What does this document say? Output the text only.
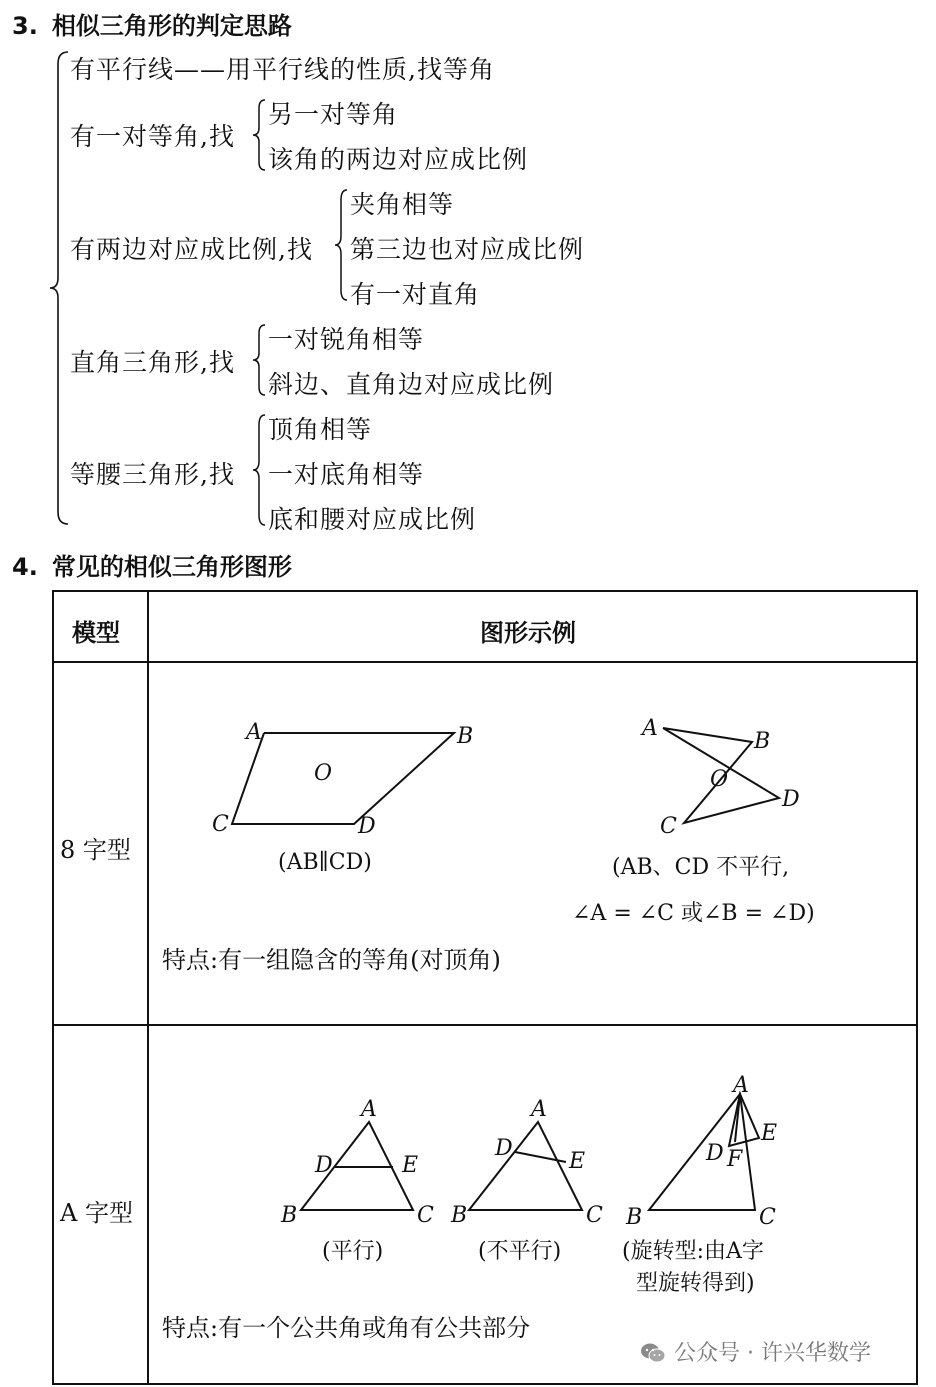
3. 相似三角形的判定思路
有平行线——用平行线的性质,找等角
有一对等角,找
另一对等角
该角的两边对应成比例
有两边对应成比例,找
夹角相等
第三边也对应成比例
有一对直角
直角三角形,找
一对锐角相等
斜边、直角边对应成比例
等腰三角形,找
顶角相等
一对底角相等
底和腰对应成比例
4. 常见的相似三角形图形
模型	图形示例
8 字型
A	B
O
C	D
(AB∥CD)
A
B
O
D
C
(AB、CD 不平行,
∠A = ∠C 或∠B = ∠D)
特点:有一组隐含的等角(对顶角)
A 字型
A
D	E
B	C
(平行)
A
D
E
B	C
(不平行)
A
E
D F
B	C
(旋转型:由A字
型旋转得到)
特点:有一个公共角或角有公共部分
公众号 · 许兴华数学
